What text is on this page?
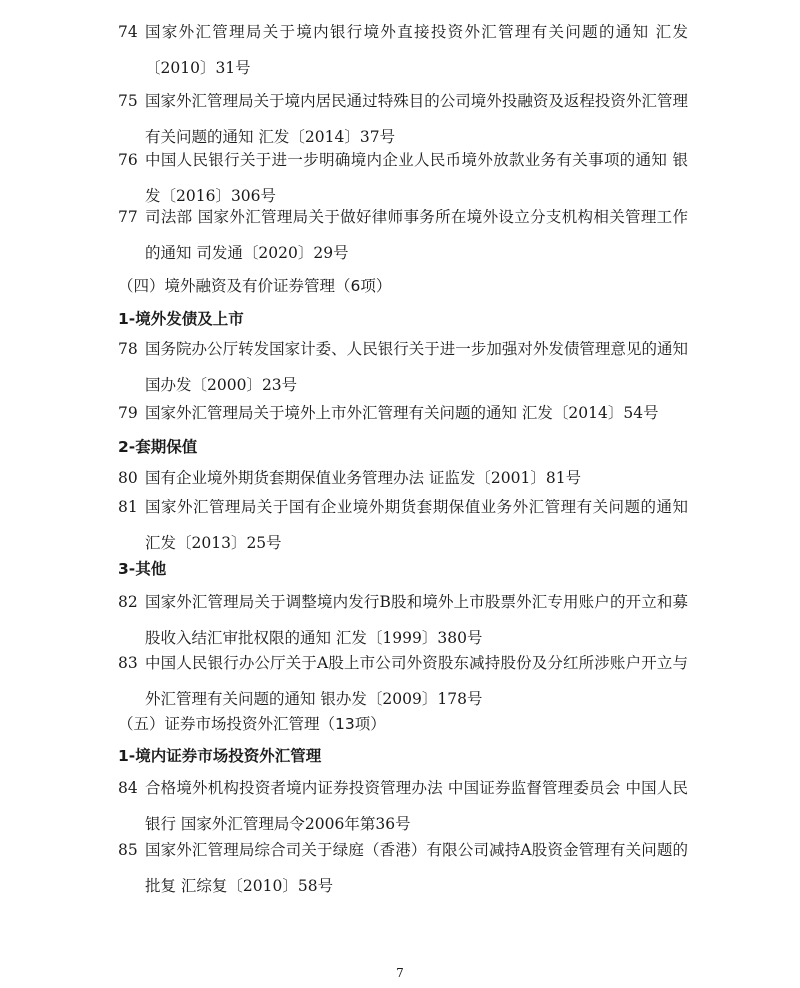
74 国家外汇管理局关于境内银行境外直接投资外汇管理有关问题的通知 汇发〔2010〕31号
75 国家外汇管理局关于境内居民通过特殊目的公司境外投融资及返程投资外汇管理有关问题的通知 汇发〔2014〕37号
76 中国人民银行关于进一步明确境内企业人民币境外放款业务有关事项的通知 银发〔2016〕306号
77 司法部 国家外汇管理局关于做好律师事务所在境外设立分支机构相关管理工作的通知 司发通〔2020〕29号
（四）境外融资及有价证券管理（6项）
1-境外发债及上市
78 国务院办公厅转发国家计委、人民银行关于进一步加强对外发债管理意见的通知 国办发〔2000〕23号
79 国家外汇管理局关于境外上市外汇管理有关问题的通知 汇发〔2014〕54号
2-套期保值
80 国有企业境外期货套期保值业务管理办法 证监发〔2001〕81号
81 国家外汇管理局关于国有企业境外期货套期保值业务外汇管理有关问题的通知 汇发〔2013〕25号
3-其他
82 国家外汇管理局关于调整境内发行B股和境外上市股票外汇专用账户的开立和募股收入结汇审批权限的通知 汇发〔1999〕380号
83 中国人民银行办公厅关于A股上市公司外资股东减持股份及分红所涉账户开立与外汇管理有关问题的通知 银办发〔2009〕178号
（五）证券市场投资外汇管理（13项）
1-境内证券市场投资外汇管理
84 合格境外机构投资者境内证券投资管理办法 中国证券监督管理委员会 中国人民银行 国家外汇管理局令2006年第36号
85 国家外汇管理局综合司关于绿庭（香港）有限公司减持A股资金管理有关问题的批复 汇综复〔2010〕58号
7
